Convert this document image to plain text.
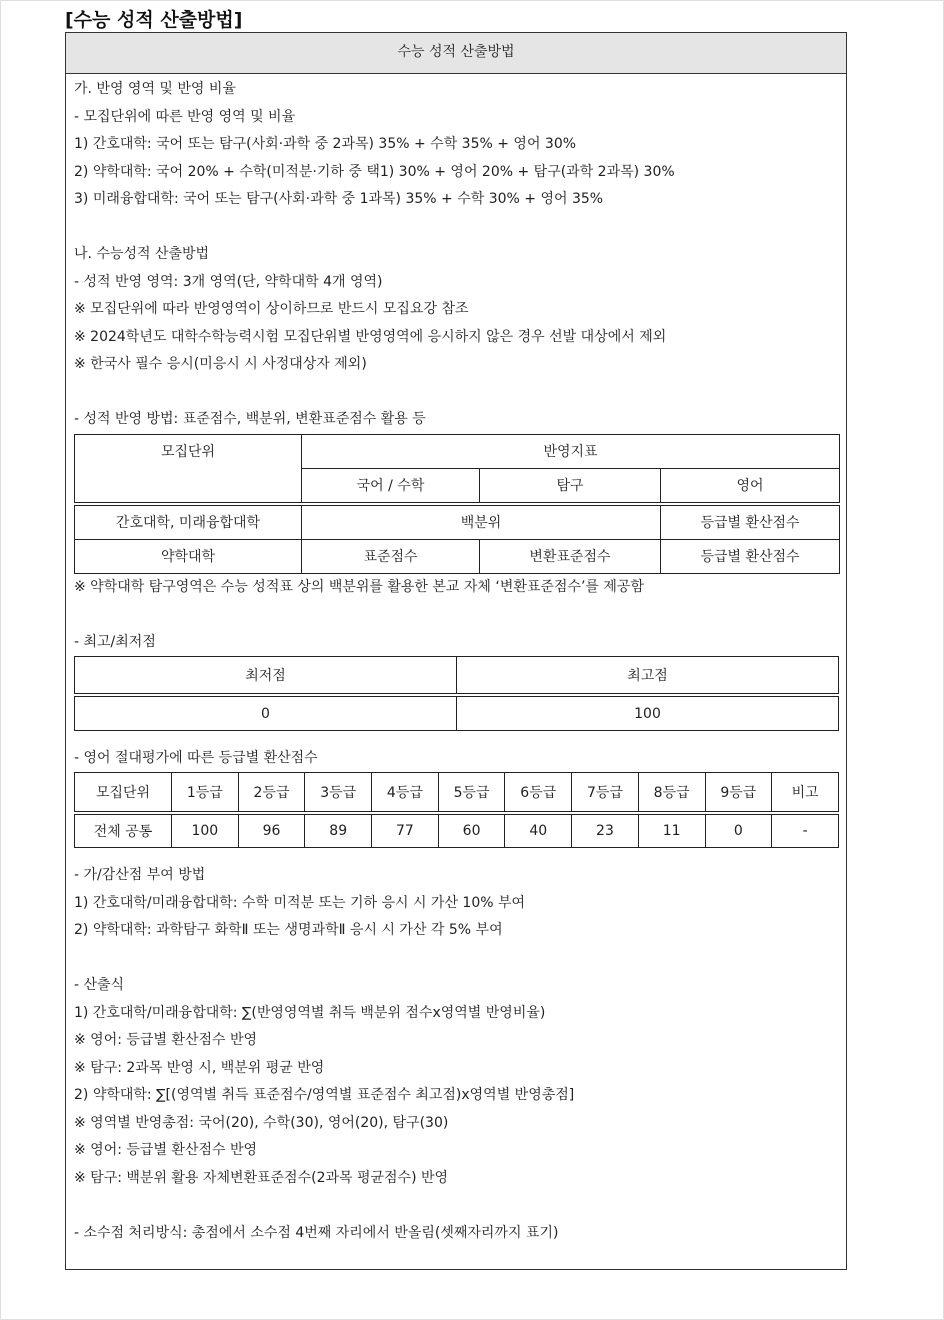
[수능 성적 산출방법]
수능 성적 산출방법
가. 반영 영역 및 반영 비율
- 모집단위에 따른 반영 영역 및 비율
1) 간호대학: 국어 또는 탐구(사회·과학 중 2과목) 35% + 수학 35% + 영어 30%
2) 약학대학: 국어 20% + 수학(미적분·기하 중 택1) 30% + 영어 20% + 탐구(과학 2과목) 30%
3) 미래융합대학: 국어 또는 탐구(사회·과학 중 1과목) 35% + 수학 30% + 영어 35%
나. 수능성적 산출방법
- 성적 반영 영역: 3개 영역(단, 약학대학 4개 영역)
※ 모집단위에 따라 반영영역이 상이하므로 반드시 모집요강 참조
※ 2024학년도 대학수학능력시험 모집단위별 반영영역에 응시하지 않은 경우 선발 대상에서 제외
※ 한국사 필수 응시(미응시 시 사정대상자 제외)
- 성적 반영 방법: 표준점수, 백분위, 변환표준점수 활용 등
모집단위	반영지표		
	국어 / 수학	탐구	영어
간호대학, 미래융합대학	백분위		등급별 환산점수
약학대학	표준점수	변환표준점수	등급별 환산점수
※ 약학대학 탐구영역은 수능 성적표 상의 백분위를 활용한 본교 자체 ‘변환표준점수’를 제공함
- 최고/최저점
최저점	최고점
0	100
- 영어 절대평가에 따른 등급별 환산점수
모집단위	1등급	2등급	3등급	4등급	5등급	6등급	7등급	8등급	9등급	비고
전체 공통	100	96	89	77	60	40	23	11	0	-
- 가/감산점 부여 방법
1) 간호대학/미래융합대학: 수학 미적분 또는 기하 응시 시 가산 10% 부여
2) 약학대학: 과학탐구 화학Ⅱ 또는 생명과학Ⅱ 응시 시 가산 각 5% 부여
- 산출식
1) 간호대학/미래융합대학: ∑(반영영역별 취득 백분위 점수x영역별 반영비율)
※ 영어: 등급별 환산점수 반영
※ 탐구: 2과목 반영 시, 백분위 평균 반영
2) 약학대학: ∑[(영역별 취득 표준점수/영역별 표준점수 최고점)x영역별 반영총점]
※ 영역별 반영총점: 국어(20), 수학(30), 영어(20), 탐구(30)
※ 영어: 등급별 환산점수 반영
※ 탐구: 백분위 활용 자체변환표준점수(2과목 평균점수) 반영
- 소수점 처리방식: 총점에서 소수점 4번째 자리에서 반올림(셋째자리까지 표기)
